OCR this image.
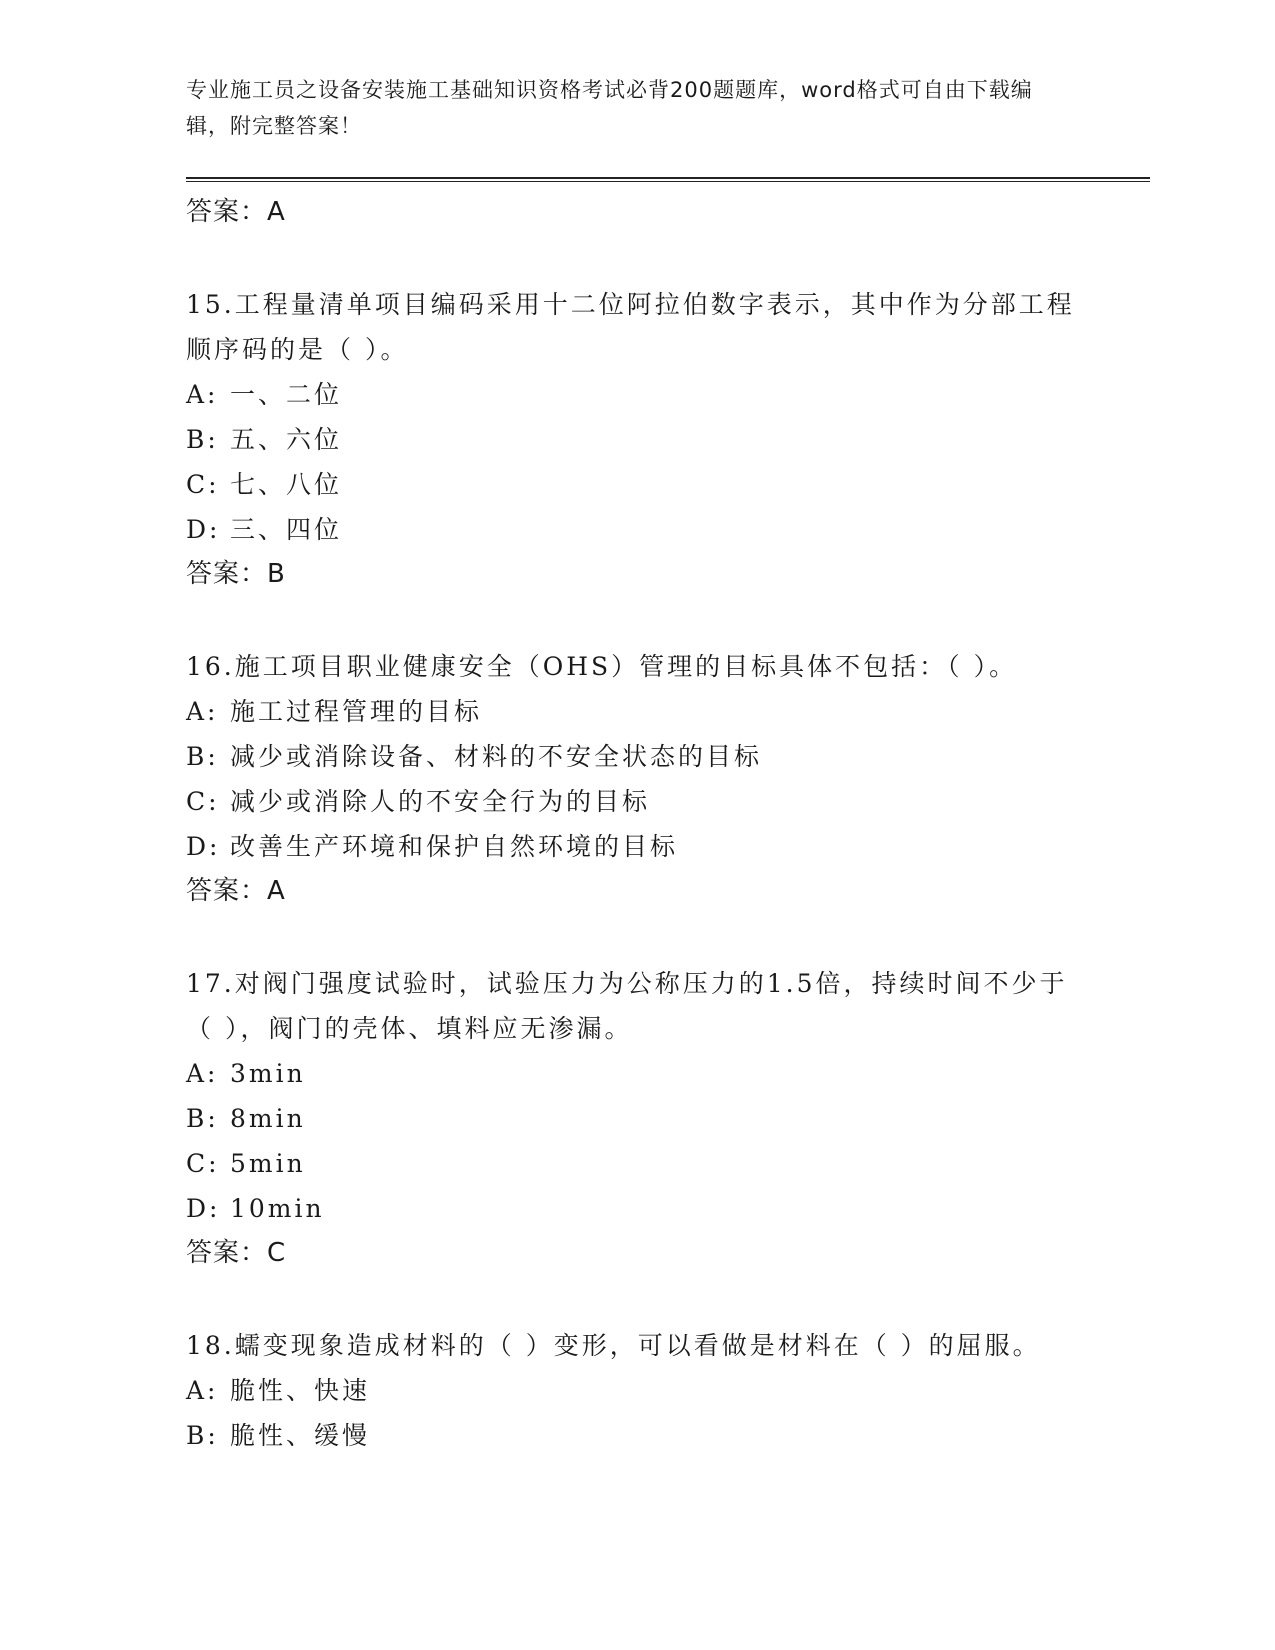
专业施工员之设备安装施工基础知识资格考试必背200题题库，word格式可自由下载编辑，附完整答案！
答案：A
15.工程量清单项目编码采用十二位阿拉伯数字表示，其中作为分部工程顺序码的是（ ）。
A: 一、二位
B: 五、六位
C: 七、八位
D: 三、四位
答案：B
16.施工项目职业健康安全（OHS）管理的目标具体不包括：（ ）。
A: 施工过程管理的目标
B: 减少或消除设备、材料的不安全状态的目标
C: 减少或消除人的不安全行为的目标
D: 改善生产环境和保护自然环境的目标
答案：A
17.对阀门强度试验时，试验压力为公称压力的1.5倍，持续时间不少于（ ），阀门的壳体、填料应无渗漏。
A: 3min
B: 8min
C: 5min
D: 10min
答案：C
18.蠕变现象造成材料的（ ）变形，可以看做是材料在（ ）的屈服。
A: 脆性、快速
B: 脆性、缓慢
